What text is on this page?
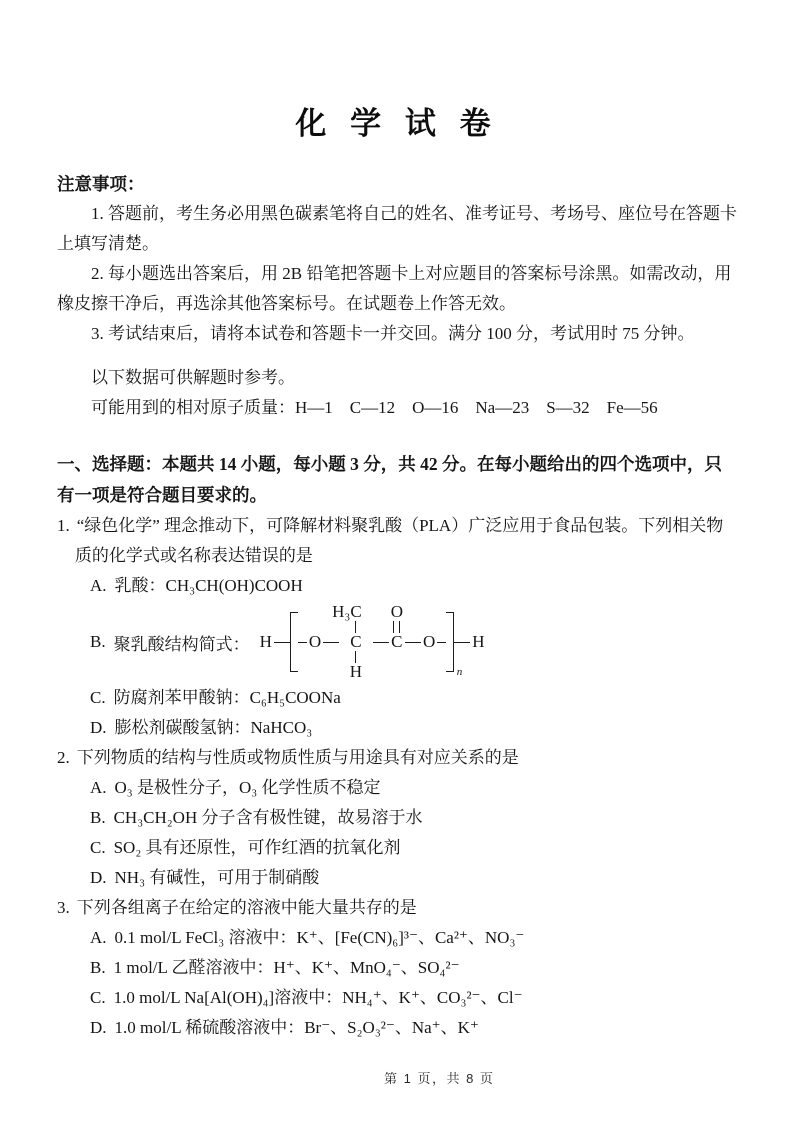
化 学 试 卷

注意事项：

1. 答题前，考生务必用黑色碳素笔将自己的姓名、准考证号、考场号、座位号在答题卡上填写清楚。

2. 每小题选出答案后，用 2B 铅笔把答题卡上对应题目的答案标号涂黑。如需改动，用橡皮擦干净后，再选涂其他答案标号。在试题卷上作答无效。

3. 考试结束后，请将本试卷和答题卡一并交回。满分 100 分，考试用时 75 分钟。

以下数据可供解题时参考。

可能用到的相对原子质量：H—1　C—12　O—16　Na—23　S—32　Fe—56

一、选择题：本题共 14 小题，每小题 3 分，共 42 分。在每小题给出的四个选项中，只有一项是符合题目要求的。

1. “绿色化学” 理念推动下，可降解材料聚乳酸（PLA）广泛应用于食品包装。下列相关物质的化学式或名称表达错误的是

A. 乳酸：CH₃CH(OH)COOH

B. 聚乳酸结构简式： H O
H₃C
C
H
O
C O
n
H

C. 防腐剂苯甲酸钠：C₆H₅COONa

D. 膨松剂碳酸氢钠：NaHCO₃

2. 下列物质的结构与性质或物质性质与用途具有对应关系的是

A. O₃ 是极性分子，O₃ 化学性质不稳定

B. CH₃CH₂OH 分子含有极性键，故易溶于水

C. SO₂ 具有还原性，可作红酒的抗氧化剂

D. NH₃ 有碱性，可用于制硝酸

3. 下列各组离子在给定的溶液中能大量共存的是

A. 0.1 mol/L FeCl₃ 溶液中：K⁺、[Fe(CN)₆]³⁻、Ca²⁺、NO₃⁻

B. 1 mol/L 乙醛溶液中：H⁺、K⁺、MnO₄⁻、SO₄²⁻

C. 1.0 mol/L Na[Al(OH)₄]溶液中：NH₄⁺、K⁺、CO₃²⁻、Cl⁻

D. 1.0 mol/L 稀硫酸溶液中：Br⁻、S₂O₃²⁻、Na⁺、K⁺

第 1 页，共 8 页
